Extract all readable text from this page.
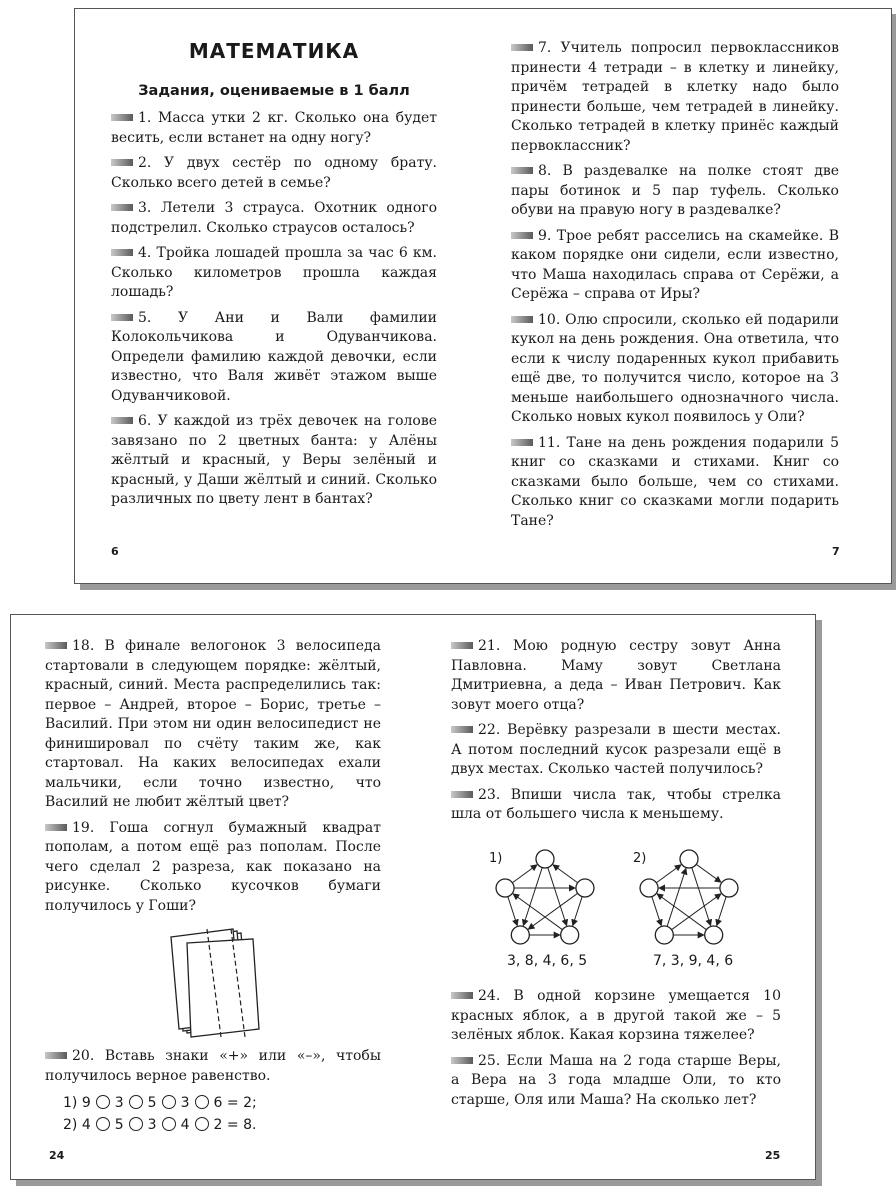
МАТЕМАТИКА
Задания, оцениваемые в 1 балл
1. Масса утки 2 кг. Сколько она будет весить, если встанет на одну ногу?
2. У двух сестёр по одному брату. Сколько всего детей в семье?
3. Летели 3 страуса. Охотник одного подстрелил. Сколько страусов осталось?
4. Тройка лошадей прошла за час 6 км. Сколько километров прошла каждая лошадь?
5. У Ани и Вали фамилии Колокольчикова и Одуванчикова. Определи фамилию каждой девочки, если известно, что Валя живёт этажом выше Одуванчиковой.
6. У каждой из трёх девочек на голове завязано по 2 цветных банта: у Алёны жёлтый и красный, у Веры зелёный и красный, у Даши жёлтый и синий. Сколько различных по цвету лент в бантах?
6
7. Учитель попросил первоклассников принести 4 тетради – в клетку и линейку, причём тетрадей в клетку надо было принести больше, чем тетрадей в линейку. Сколько тетрадей в клетку принёс каждый первоклассник?
8. В раздевалке на полке стоят две пары ботинок и 5 пар туфель. Сколько обуви на правую ногу в раздевалке?
9. Трое ребят расселись на скамейке. В каком порядке они сидели, если известно, что Маша находилась справа от Серёжи, а Серёжа – справа от Иры?
10. Олю спросили, сколько ей подарили кукол на день рождения. Она ответила, что если к числу подаренных кукол прибавить ещё две, то получится число, которое на 3 меньше наибольшего однозначного числа. Сколько новых кукол появилось у Оли?
11. Тане на день рождения подарили 5 книг со сказками и стихами. Книг со сказками было больше, чем со стихами. Сколько книг со сказками могли подарить Тане?
7
18. В финале велогонок 3 велосипеда стартовали в следующем порядке: жёлтый, красный, синий. Места распределились так: первое – Андрей, второе – Борис, третье – Василий. При этом ни один велосипедист не финишировал по счёту таким же, как стартовал. На каких велосипедах ехали мальчики, если точно известно, что Василий не любит жёлтый цвет?
19. Гоша согнул бумажный квадрат пополам, а потом ещё раз пополам. После чего сделал 2 разреза, как показано на рисунке. Сколько кусочков бумаги получилось у Гоши?
20. Вставь знаки «+» или «–», чтобы получилось верное равенство.
1) 9 3 5 3 6 = 2;
2) 4 5 3 4 2 = 8.
24
21. Мою родную сестру зовут Анна Павловна. Маму зовут Светлана Дмитриевна, а деда – Иван Петрович. Как зовут моего отца?
22. Верёвку разрезали в шести местах. А потом последний кусок разрезали ещё в двух местах. Сколько частей получилось?
23. Впиши числа так, чтобы стрелка шла от большего числа к меньшему.
1)
3, 8, 4, 6, 5
2)
7, 3, 9, 4, 6
24. В одной корзине умещается 10 красных яблок, а в другой такой же – 5 зелёных яблок. Какая корзина тяжелее?
25. Если Маша на 2 года старше Веры, а Вера на 3 года младше Оли, то кто старше, Оля или Маша? На сколько лет?
25
